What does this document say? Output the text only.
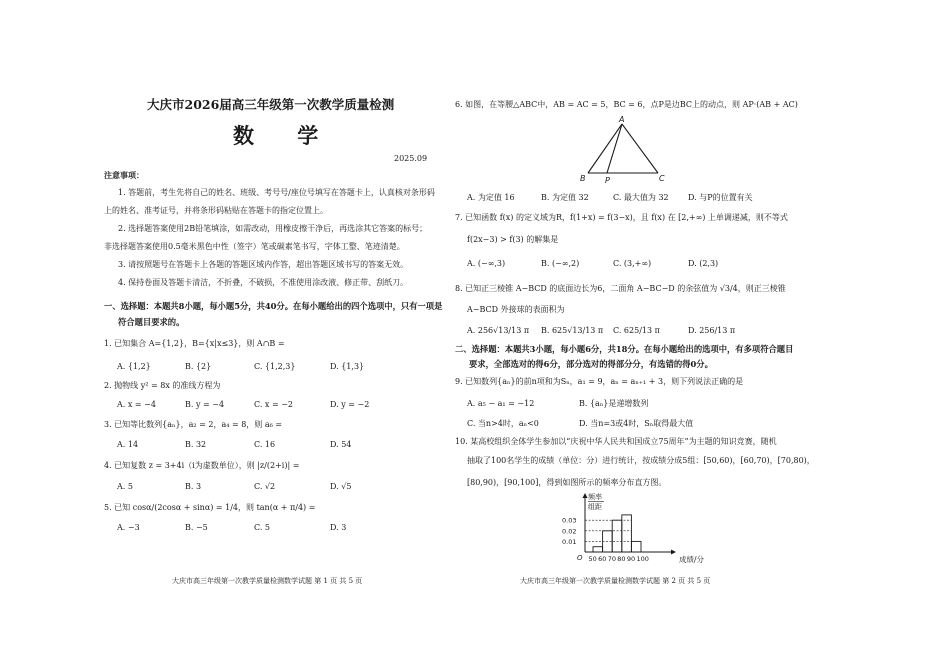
大庆市2026届高三年级第一次教学质量检测
数 学
2025.09
注意事项：
1. 答题前，考生先将自己的姓名、班级、考号号/座位号填写在答题卡上，认真核对条形码
上的姓名、准考证号，并将条形码粘贴在答题卡的指定位置上。
2. 选择题答案使用2B铅笔填涂，如需改动，用橡皮擦干净后，再选涂其它答案的标号；
非选择题答案使用0.5毫米黑色中性（签字）笔或碳素笔书写，字体工整、笔迹清楚。
3. 请按照题号在答题卡上各题的答题区域内作答，超出答题区域书写的答案无效。
4. 保持卷面及答题卡清洁，不折叠，不破损，不准使用涂改液、修正带、刮纸刀。
一、选择题：本题共8小题，每小题5分，共40分。在每小题给出的四个选项中，只有一项是
符合题目要求的。
1. 已知集合 A={1,2}，B={x|x≤3}，则 A∩B =
A. {1,2}	B. {2}	C. {1,2,3}	D. {1,3}
2. 抛物线 y² = 8x 的准线方程为
A. x = −4	B. y = −4	C. x = −2	D. y = −2
3. 已知等比数列{aₙ}，a₂ = 2，a₄ = 8，则 a₆ =
A. 14	B. 32	C. 16	D. 54
4. 已知复数 z = 3+4i（i为虚数单位），则 |z/(2+i)| =
A. 5	B. 3	C. √2	D. √5
5. 已知 cosα/(2cosα + sinα) = 1/4，则 tan(α + π/4) =
A. −3	B. −5	C. 5	D. 3
大庆市高三年级第一次教学质量检测数学试题 第 1 页 共 5 页
6. 如图，在等腰△ABC中，AB = AC = 5，BC = 6，点P是边BC上的动点，则 AP·(AB + AC)
A
B P	C
A. 为定值 16	B. 为定值 32	C. 最大值为 32 D. 与P的位置有关
7. 已知函数 f(x) 的定义域为R，f(1+x) = f(3−x)，且 f(x) 在 [2,+∞) 上单调递减，则不等式
f(2x−3) > f(3) 的解集是
A. (−∞,3)	B. (−∞,2)	C. (3,+∞)	D. (2,3)
8. 已知正三棱锥 A−BCD 的底面边长为6，二面角 A−BC−D 的余弦值为 √3/4，则正三棱锥
A−BCD 外接球的表面积为
A. 256√13/13 π B. 625√13/13 π C. 625/13 π	D. 256/13 π
二、选择题：本题共3小题，每小题6分，共18分。在每小题给出的选项中，有多项符合题目
要求，全部选对的得6分，部分选对的得部分分，有选错的得0分。
9. 已知数列{aₙ}的前n项和为Sₙ，a₁ = 9，aₙ = aₙ₊₁ + 3，则下列说法正确的是
A. a₅ − a₁ = −12	B. {aₙ}是递增数列
C. 当n>4时，aₙ<0	D. 当n=3或4时，Sₙ取得最大值
10. 某高校组织全体学生参加以“庆祝中华人民共和国成立75周年”为主题的知识竞赛，随机
抽取了100名学生的成绩（单位：分）进行统计，按成绩分成5组：[50,60)，[60,70)，[70,80)，
[80,90)，[90,100]，得到如图所示的频率分布直方图。
0.01
0.02
0.03
50 60 70 80 90 100
O
频率
组距
成绩/分
大庆市高三年级第一次教学质量检测数学试题 第 2 页 共 5 页
